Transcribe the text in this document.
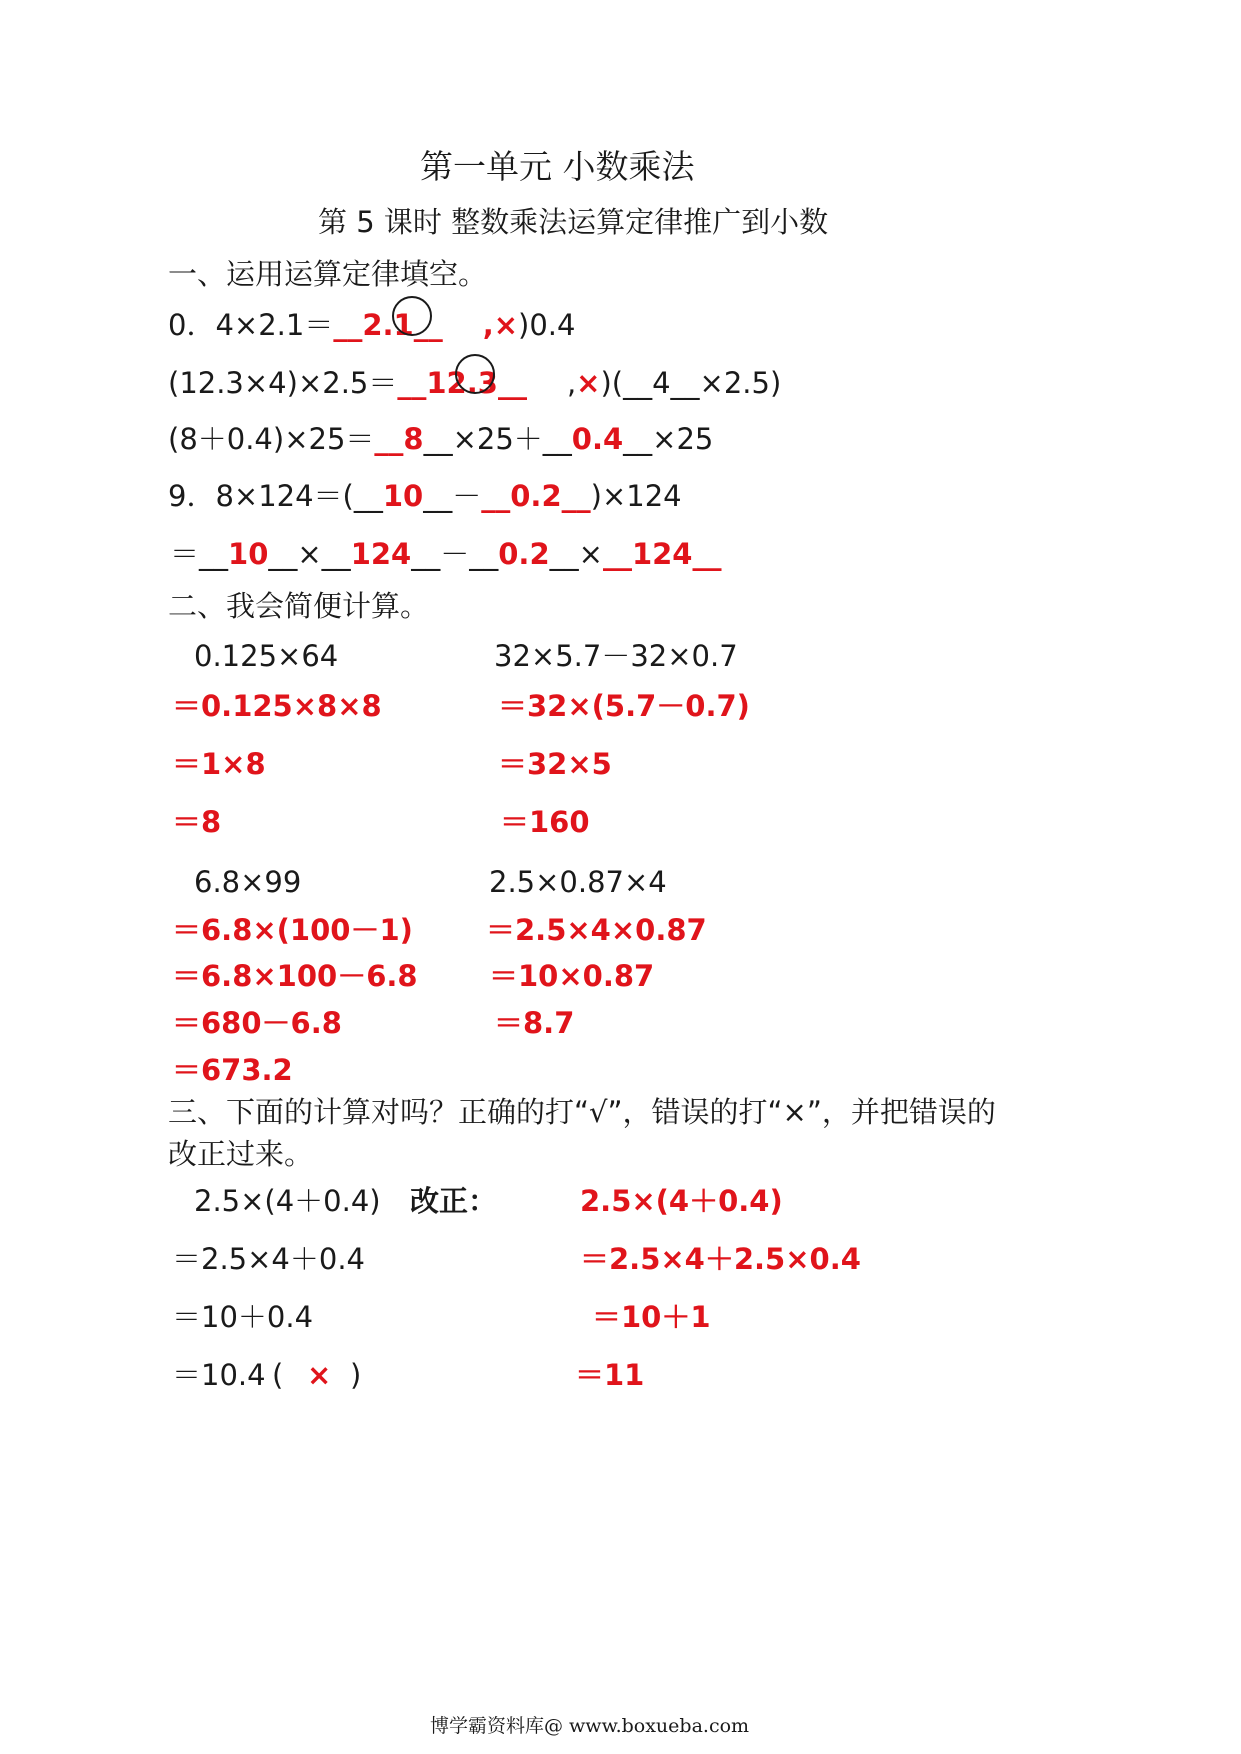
第一单元 小数乘法
第 5 课时 整数乘法运算定律推广到小数
一、运用运算定律填空。
0．4×2.1＝__2.1__ ,×)0.4
(12.3×4)×2.5＝__12.3__ ,×)(__4__×2.5)
(8＋0.4)×25＝__8__×25＋__0.4__×25
9．8×124＝(__10__－__0.2__)×124
＝__10__×__124__－__0.2__×__124__
二、我会简便计算。
0.125×64
＝0.125×8×8
＝1×8
＝8
32×5.7－32×0.7
＝32×(5.7－0.7)
＝32×5
＝160
6.8×99
＝6.8×(100－1)
＝6.8×100－6.8
＝680－6.8
＝673.2
2.5×0.87×4
＝2.5×4×0.87
＝10×0.87
＝8.7
三、下面的计算对吗？正确的打“√”，错误的打“×”，并把错误的
改正过来。
2.5×(4＋0.4)
＝2.5×4＋0.4
＝10＋0.4
＝10.4 ( × )
改正：	2.5×(4＋0.4)
＝2.5×4＋2.5×0.4
＝10＋1
＝11
博学霸资料库@ www.boxueba.com
